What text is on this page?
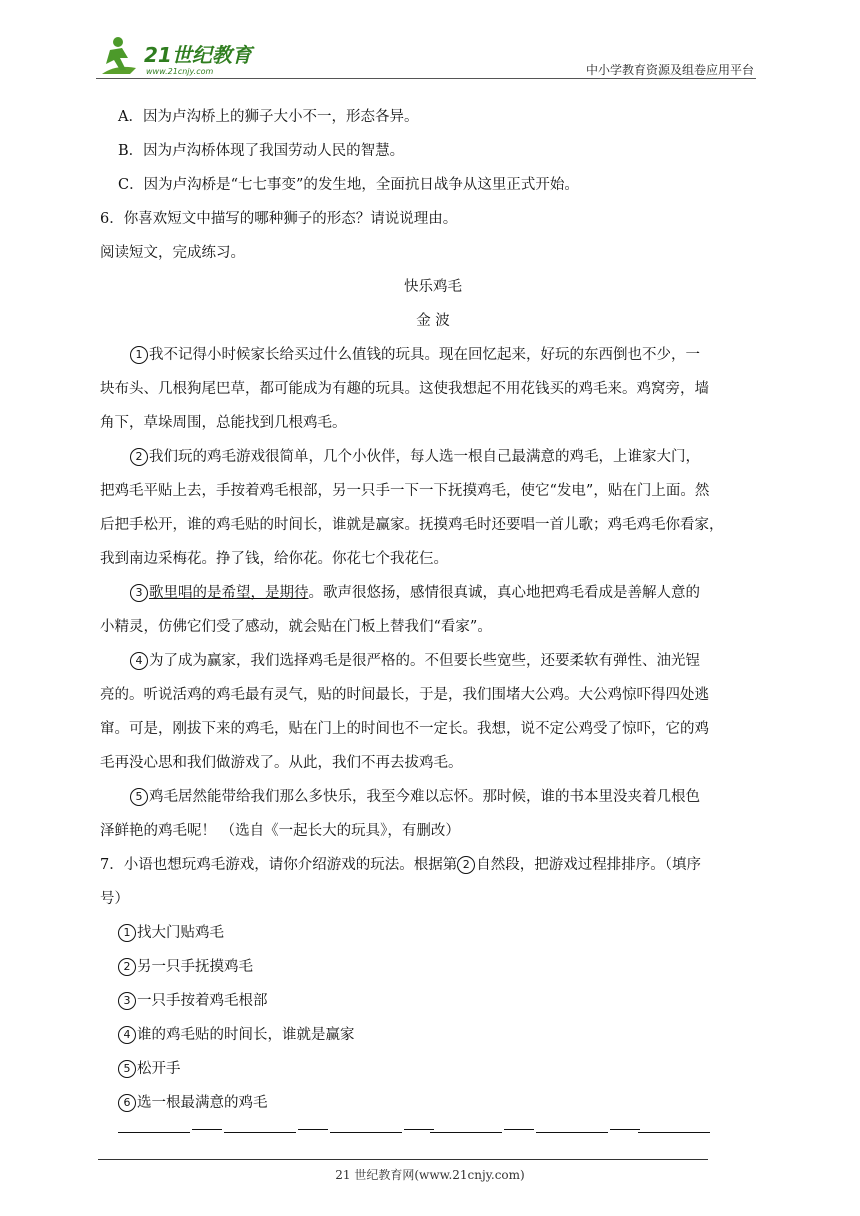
21世纪教育
www.21cnjy.com	中小学教育资源及组卷应用平台
A．因为卢沟桥上的狮子大小不一，形态各异。
B．因为卢沟桥体现了我国劳动人民的智慧。
C．因为卢沟桥是“七七事变”的发生地，全面抗日战争从这里正式开始。
6．你喜欢短文中描写的哪种狮子的形态？请说说理由。
阅读短文，完成练习。
快乐鸡毛
金 波
1 我不记得小时候家长给买过什么值钱的玩具。现在回忆起来，好玩的东西倒也不少，一
块布头、几根狗尾巴草，都可能成为有趣的玩具。这使我想起不用花钱买的鸡毛来。鸡窝旁，墙
角下，草垛周围，总能找到几根鸡毛。
2 我们玩的鸡毛游戏很简单，几个小伙伴，每人选一根自己最满意的鸡毛，上谁家大门，
把鸡毛平贴上去，手按着鸡毛根部，另一只手一下一下抚摸鸡毛，使它“发电”，贴在门上面。然
后把手松开，谁的鸡毛贴的时间长，谁就是赢家。抚摸鸡毛时还要唱一首儿歌；鸡毛鸡毛你看家，
我到南边采梅花。挣了钱，给你花。你花七个我花仨。
3 歌里唱的是希望，是期待。歌声很悠扬，感情很真诚，真心地把鸡毛看成是善解人意的
小精灵，仿佛它们受了感动，就会贴在门板上替我们“看家”。
4 为了成为赢家，我们选择鸡毛是很严格的。不但要长些宽些，还要柔软有弹性、油光锃
亮的。听说活鸡的鸡毛最有灵气，贴的时间最长，于是，我们围堵大公鸡。大公鸡惊吓得四处逃
窜。可是，刚拔下来的鸡毛，贴在门上的时间也不一定长。我想，说不定公鸡受了惊吓，它的鸡
毛再没心思和我们做游戏了。从此，我们不再去拔鸡毛。
5 鸡毛居然能带给我们那么多快乐，我至今难以忘怀。那时候，谁的书本里没夹着几根色
泽鲜艳的鸡毛呢！ （选自《一起长大的玩具》，有删改）
7．小语也想玩鸡毛游戏，请你介绍游戏的玩法。根据第 2 自然段，把游戏过程排排序。（填序
号）
1 找大门贴鸡毛
2 另一只手抚摸鸡毛
3 一只手按着鸡毛根部
4 谁的鸡毛贴的时间长，谁就是赢家
5 松开手
6 选一根最满意的鸡毛
21 世纪教育网(www.21cnjy.com)
